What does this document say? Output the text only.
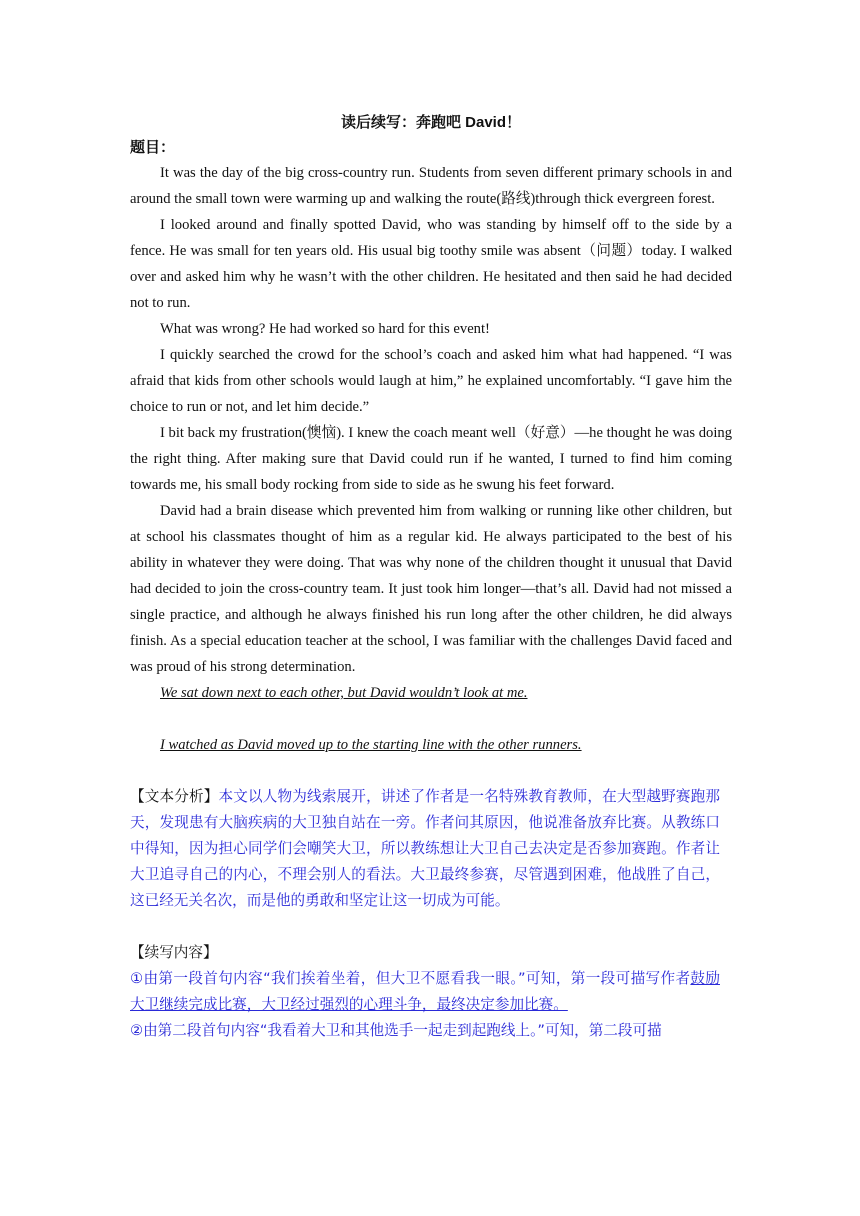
读后续写：奔跑吧 David！

题目：

It was the day of the big cross-country run. Students from seven different primary schools in and around the small town were warming up and walking the route(路线)through thick evergreen forest.

I looked around and finally spotted David, who was standing by himself off to the side by a fence. He was small for ten years old. His usual big toothy smile was absent（问题）today. I walked over and asked him why he wasn’t with the other children. He hesitated and then said he had decided not to run.

What was wrong? He had worked so hard for this event!

I quickly searched the crowd for the school’s coach and asked him what had happened. “I was afraid that kids from other schools would laugh at him,” he explained uncomfortably. “I gave him the choice to run or not, and let him decide.”

I bit back my frustration(懊恼). I knew the coach meant well（好意）—he thought he was doing the right thing. After making sure that David could run if he wanted, I turned to find him coming towards me, his small body rocking from side to side as he swung his feet forward.

David had a brain disease which prevented him from walking or running like other children, but at school his classmates thought of him as a regular kid. He always participated to the best of his ability in whatever they were doing. That was why none of the children thought it unusual that David had decided to join the cross-country team. It just took him longer—that’s all. David had not missed a single practice, and although he always finished his run long after the other children, he did always finish. As a special education teacher at the school, I was familiar with the challenges David faced and was proud of his strong determination.

We sat down next to each other, but David wouldn’t look at me.

I watched as David moved up to the starting line with the other runners.

【文本分析】本文以人物为线索展开，讲述了作者是一名特殊教育教师，在大型越野赛跑那天，发现患有大脑疾病的大卫独自站在一旁。作者问其原因，他说准备放弃比赛。从教练口中得知，因为担心同学们会嘲笑大卫，所以教练想让大卫自己去决定是否参加赛跑。作者让大卫追寻自己的内心，不理会别人的看法。大卫最终参赛，尽管遇到困难，他战胜了自己，这已经无关名次，而是他的勇敢和坚定让这一切成为可能。

【续写内容】

①由第一段首句内容“我们挨着坐着，但大卫不愿看我一眼。”可知，第一段可描写作者鼓励大卫继续完成比赛，大卫经过强烈的心理斗争，最终决定参加比赛。

②由第二段首句内容“我看着大卫和其他选手一起走到起跑线上。”可知，第二段可描
